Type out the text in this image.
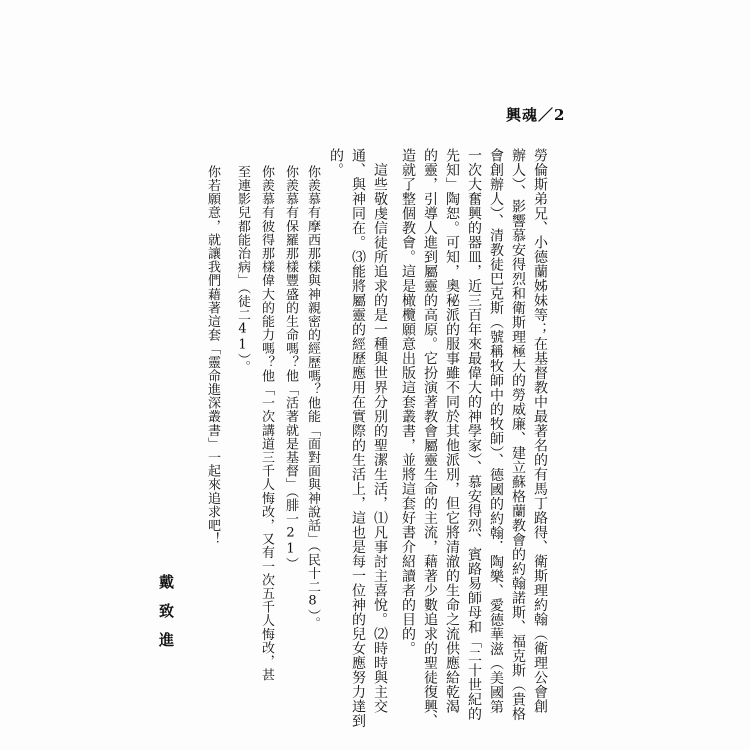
興魂／2
勞倫斯弟兄、小德蘭姊妹等；在基督教中最著名的有馬丁路得、衛斯理約翰（衛理公會創
辦人）、影響慕安得烈和衛斯理極大的勞威廉、建立蘇格蘭教會的約翰諾斯、福克斯（貴格
會創辦人）、清教徒巴克斯（號稱牧師中的牧師）、德國的約翰．陶樂、愛德華滋（美國第
一次大奮興的器皿，近三百年來最偉大的神學家）、慕安得烈、賓路易師母和「二十世紀的
先知」陶恕。可知，奧秘派的服事雖不同於其他派別，但它將清澈的生命之流供應給乾渴
的靈，引導人進到屬靈的高原。它扮演著教會屬靈生命的主流，藉著少數追求的聖徒復興、
造就了整個教會。這是橄欖願意出版這套叢書，並將這套好書介紹讀者的目的。
　這些敬虔信徒所追求的是一種與世界分別的聖潔生活，⑴凡事討主喜悅。⑵時時與主交
通、與神同在。⑶能將屬靈的經歷應用在實際的生活上，這也是每一位神的兒女應努力達到
的。
你羨慕有摩西那樣與神親密的經歷嗎？他能「面對面與神說話」（民十二8）。
你羨慕有保羅那樣豐盛的生命嗎？他「活著就是基督」（腓一21）
你羨慕有彼得那樣偉大的能力嗎？他「一次講道三千人悔改，又有一次五千人悔改，甚
至連影兒都能治病」（徒二41）。
你若願意，就讓我們藉著這套「靈命進深叢書」一起來追求吧！
戴致進
